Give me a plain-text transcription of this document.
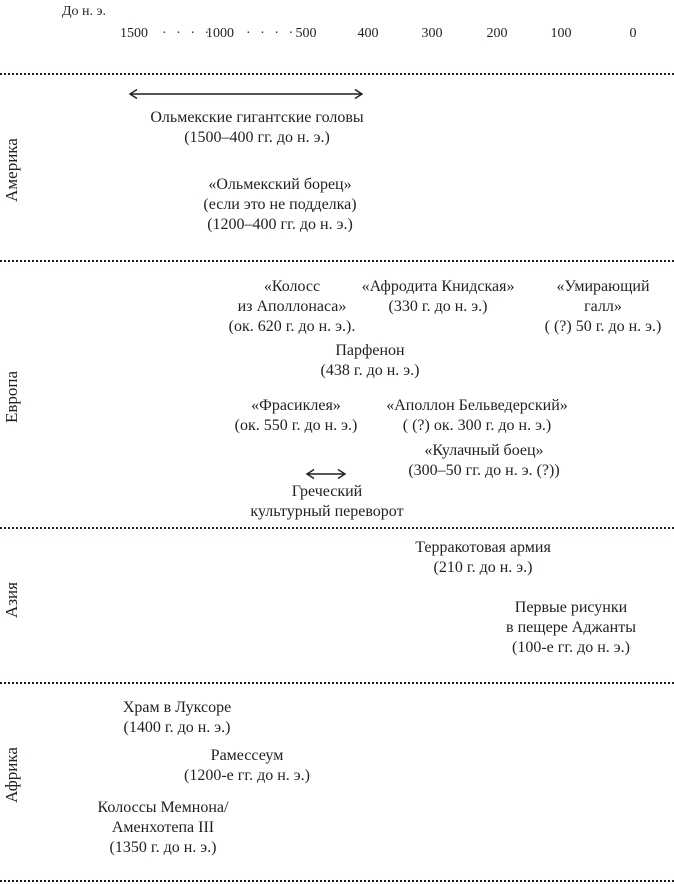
До н. э.
1500 · · · ·
1000 · · · · 500	400	300	200	100	0
Америка
Европа
Азия
Африка
Ольмекские гигантские головы
(1500–400 гг. до н. э.)
«Ольмекский борец»
(если это не подделка)
(1200–400 гг. до н. э.)
«Колосс
из Аполлонаса»
(ок. 620 г. до н. э.).
«Афродита Книдская»
(330 г. до н. э.)
«Умирающий
галл»
( (?) 50 г. до н. э.)
Парфенон
(438 г. до н. э.)
«Фрасиклея»
(ок. 550 г. до н. э.)
«Аполлон Бельведерский»
( (?) ок. 300 г. до н. э.)
«Кулачный боец»
(300–50 гг. до н. э. (?))
Греческий
культурный переворот
Терракотовая армия
(210 г. до н. э.)
Первые рисунки
в пещере Аджанты
(100-е гг. до н. э.)
Храм в Луксоре
(1400 г. до н. э.)
Рамессеум
(1200-е гг. до н. э.)
Колоссы Мемнона/
Аменхотепа III
(1350 г. до н. э.)
